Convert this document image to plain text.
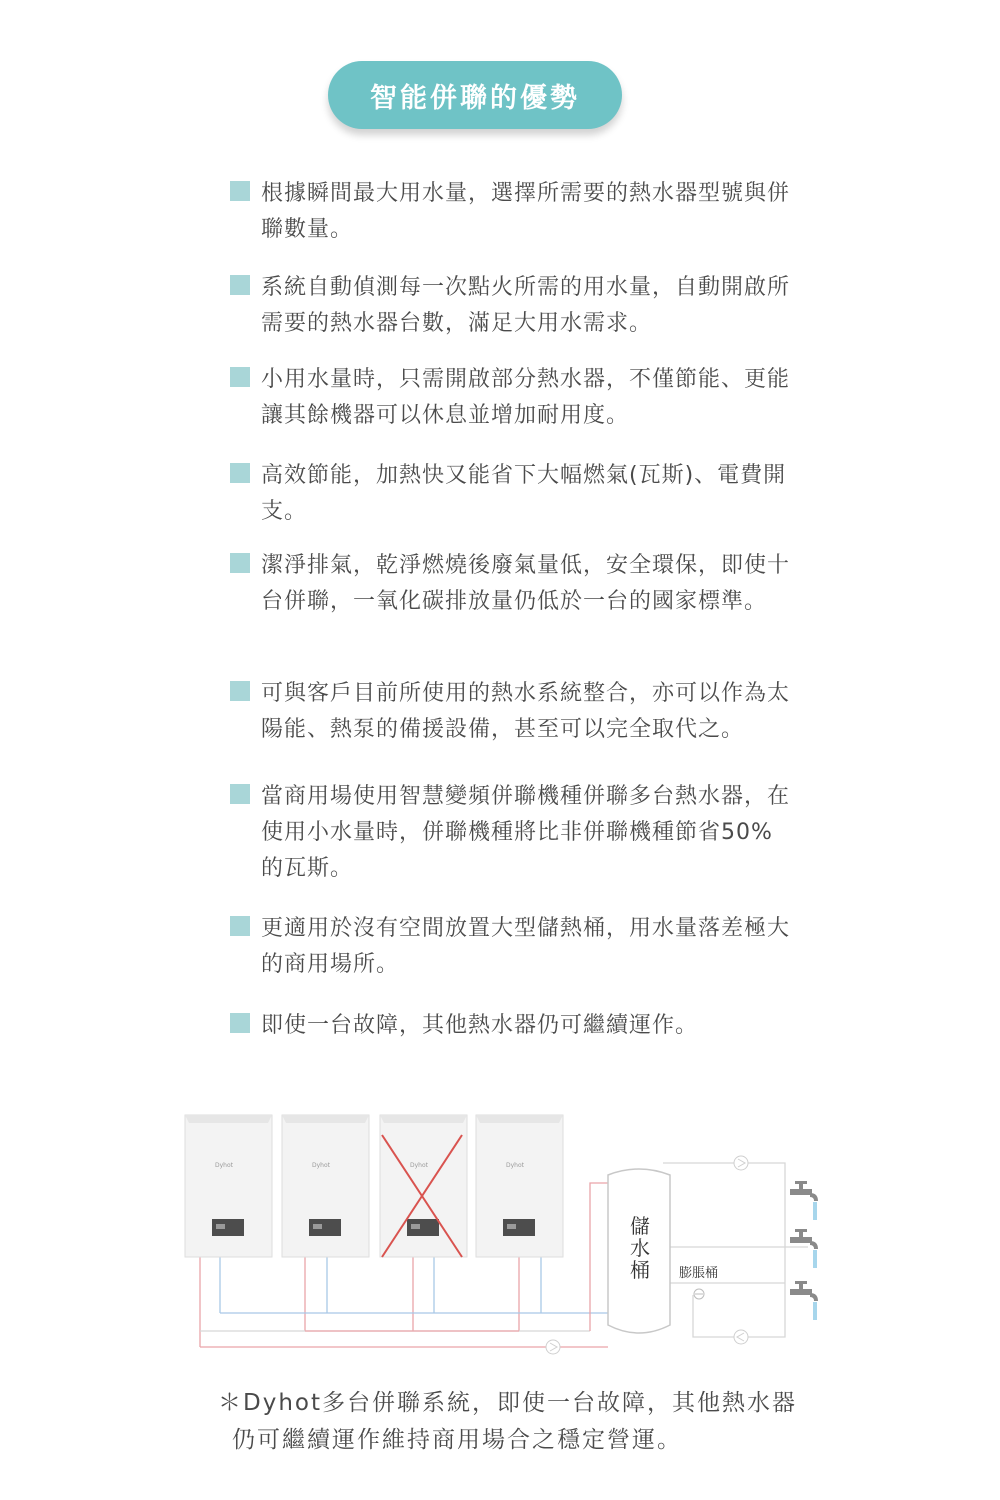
智能併聯的優勢
根據瞬間最大用水量，選擇所需要的熱水器型號與併聯數量。
系統自動偵測每一次點火所需的用水量，自動開啟所需要的熱水器台數，滿足大用水需求。
小用水量時，只需開啟部分熱水器，不僅節能、更能讓其餘機器可以休息並增加耐用度。
高效節能，加熱快又能省下大幅燃氣(瓦斯)、電費開支。
潔淨排氣，乾淨燃燒後廢氣量低，安全環保，即使十台併聯，一氧化碳排放量仍低於一台的國家標準。
可與客戶目前所使用的熱水系統整合，亦可以作為太陽能、熱泵的備援設備，甚至可以完全取代之。
當商用場使用智慧變頻併聯機種併聯多台熱水器，在使用小水量時，併聯機種將比非併聯機種節省50%的瓦斯。
更適用於沒有空間放置大型儲熱桶，用水量落差極大的商用場所。
即使一台故障，其他熱水器仍可繼續運作。
Dyhot	Dyhot	Dyhot	Dyhot
儲
水
桶 膨脹桶
＊Dyhot多台併聯系統，即使一台故障，其他熱水器
仍可繼續運作維持商用場合之穩定營運。
